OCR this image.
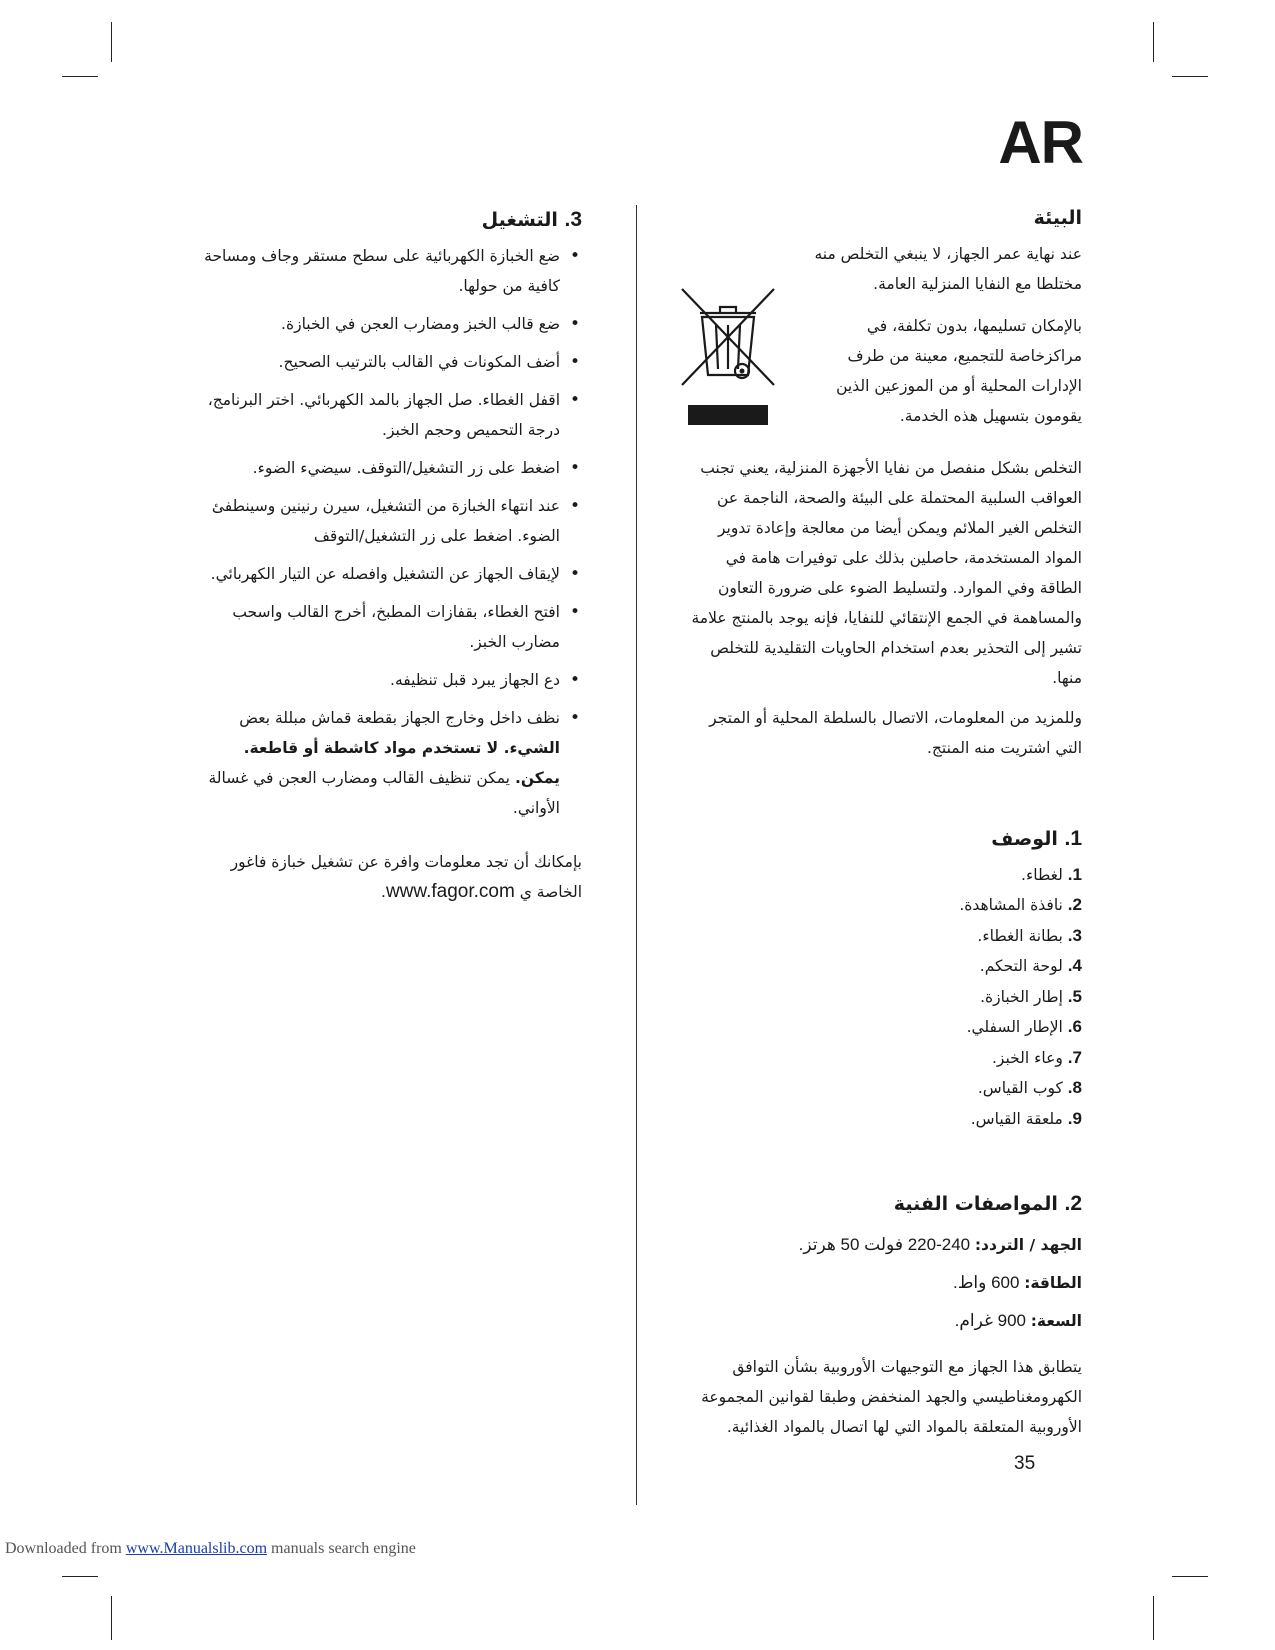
AR
البيئة

عند نهاية عمر الجهاز، لا ينبغي التخلص منه مختلطا مع النفايا المنزلية العامة.

بالإمكان تسليمها، بدون تكلفة، في مراكزخاصة للتجميع، معينة من طرف الإدارات المحلية أو من الموزعين الذين يقومون بتسهيل هذه الخدمة.

التخلص بشكل منفصل من نفايا الأجهزة المنزلية، يعني تجنب العواقب السلبية المحتملة على البيئة والصحة، الناجمة عن التخلص الغير الملائم ويمكن أيضا من معالجة وإعادة تدوير المواد المستخدمة، حاصلين بذلك على توفيرات هامة في الطاقة وفي الموارد. ولتسليط الضوء على ضرورة التعاون والمساهمة في الجمع الإنتقائي للنفايا، فإنه يوجد بالمنتج علامة تشير إلى التحذير بعدم استخدام الحاويات التقليدية للتخلص منها.

وللمزيد من المعلومات، الاتصال بالسلطة المحلية أو المتجر التي اشتريت منه المنتج.

1. الوصف
1. لغطاء.
2. نافذة المشاهدة.
3. بطانة الغطاء.
4. لوحة التحكم.
5. إطار الخبازة.
6. الإطار السفلي.
7. وعاء الخبز.
8. كوب القياس.
9. ملعقة القياس.
2. المواصفات الفنية
الجهد / التردد: 240-220 فولت 50 هرتز.
الطاقة: 600 واط.
السعة: 900 غرام.

يتطابق هذا الجهاز مع التوجيهات الأوروبية بشأن التوافق الكهرومغناطيسي والجهد المنخفض وطبقا لقوانين المجموعة الأوروبية المتعلقة بالمواد التي لها اتصال بالمواد الغذائية.

3. التشغيل
• ضع الخبازة الكهربائية على سطح مستقر وجاف ومساحة كافية من حولها.
• ضع قالب الخبز ومضارب العجن في الخبازة.
• أضف المكونات في القالب بالترتيب الصحيح.
• اقفل الغطاء. صل الجهاز بالمد الكهربائي. اختر البرنامج، درجة التحميص وحجم الخبز.
• اضغط على زر التشغيل/التوقف. سيضيء الضوء.
• عند انتهاء الخبازة من التشغيل، سيرن رنينين وسينطفئ الضوء. اضغط على زر التشغيل/التوقف
• لإيقاف الجهاز عن التشغيل وافصله عن التيار الكهربائي.
• افتح الغطاء، بقفازات المطبخ، أخرج القالب واسحب مضارب الخبز.
• دع الجهاز يبرد قبل تنظيفه.
• نظف داخل وخارج الجهاز بقطعة قماش مبللة بعض الشيء. لا تستخدم مواد كاشطة أو قاطعة. يمكن. يمكن تنظيف القالب ومضارب العجن في غسالة الأواني.

بإمكانك أن تجد معلومات وافرة عن تشغيل خبازة فاغور الخاصة ي www.fagor.com.

35
Downloaded from www.Manualslib.com manuals search engine
